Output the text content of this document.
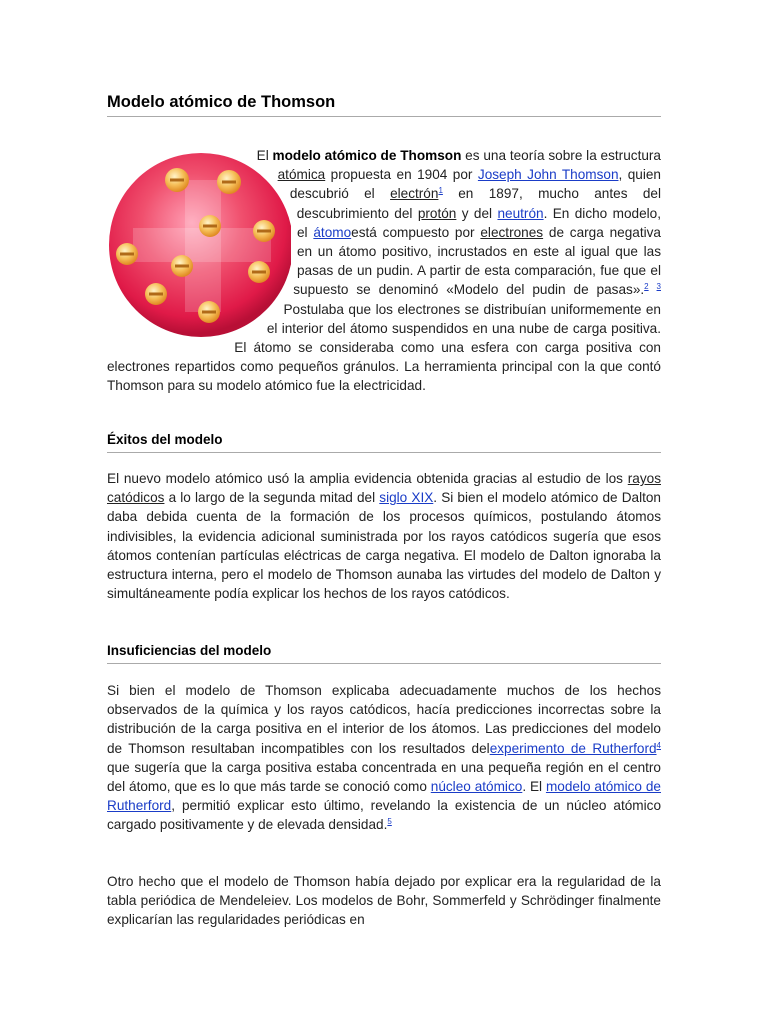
Modelo atómico de Thomson

El modelo atómico de Thomson es una teoría sobre la estructura atómica propuesta en 1904 por Joseph John Thomson, quien descubrió el electrón$^1$ en 1897, mucho antes del descubrimiento del protón y del neutrón. En dicho modelo, el átomoestá compuesto por electrones de carga negativa en un átomo positivo, incrustados en este al igual que las pasas de un pudin. A partir de esta comparación, fue que el supuesto se denominó «Modelo del pudin de pasas».$^2$ $^3$ Postulaba que los electrones se distribuían uniformemente en el interior del átomo suspendidos en una nube de carga positiva. El átomo se consideraba como una esfera con carga positiva con electrones repartidos como pequeños gránulos. La herramienta principal con la que contó Thomson para su modelo atómico fue la electricidad.

Éxitos del modelo

El nuevo modelo atómico usó la amplia evidencia obtenida gracias al estudio de los rayos catódicos a lo largo de la segunda mitad del siglo XIX. Si bien el modelo atómico de Dalton daba debida cuenta de la formación de los procesos químicos, postulando átomos indivisibles, la evidencia adicional suministrada por los rayos catódicos sugería que esos átomos contenían partículas eléctricas de carga negativa. El modelo de Dalton ignoraba la estructura interna, pero el modelo de Thomson aunaba las virtudes del modelo de Dalton y simultáneamente podía explicar los hechos de los rayos catódicos.

Insuficiencias del modelo

Si bien el modelo de Thomson explicaba adecuadamente muchos de los hechos observados de la química y los rayos catódicos, hacía predicciones incorrectas sobre la distribución de la carga positiva en el interior de los átomos. Las predicciones del modelo de Thomson resultaban incompatibles con los resultados delexperimento de Rutherford$^4$ que sugería que la carga positiva estaba concentrada en una pequeña región en el centro del átomo, que es lo que más tarde se conoció como núcleo atómico. El modelo atómico de Rutherford, permitió explicar esto último, revelando la existencia de un núcleo atómico cargado positivamente y de elevada densidad.$^5$

Otro hecho que el modelo de Thomson había dejado por explicar era la regularidad de la tabla periódica de Mendeleiev. Los modelos de Bohr, Sommerfeld y Schrödinger finalmente explicarían las regularidades periódicas en
